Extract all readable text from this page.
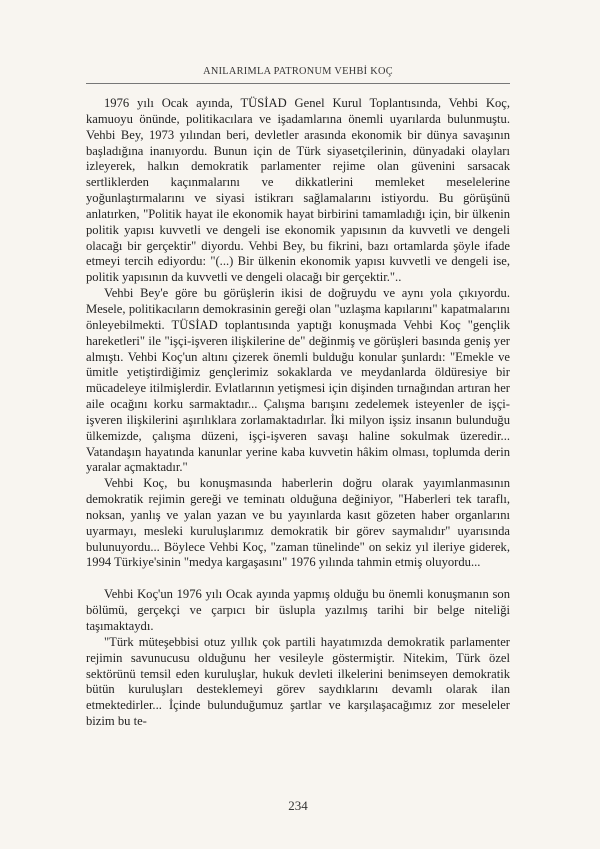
ANILARIMLA PATRONUM VEHBİ KOÇ

1976 yılı Ocak ayında, TÜSİAD Genel Kurul Toplantısında, Vehbi Koç, kamuoyu önünde, politikacılara ve işadamlarına önemli uyarılarda bulunmuştu. Vehbi Bey, 1973 yılından beri, devletler arasında ekonomik bir dünya savaşının başladığına inanıyordu. Bunun için de Türk siyasetçilerinin, dünyadaki olayları izleyerek, halkın demokratik parlamenter rejime olan güvenini sarsacak sertliklerden kaçınmalarını ve dikkatlerini memleket meselelerine yoğunlaştırmalarını ve siyasi istikrarı sağlamalarını istiyordu. Bu görüşünü anlatırken, "Politik hayat ile ekonomik hayat birbirini tamamladığı için, bir ülkenin politik yapısı kuvvetli ve dengeli ise ekonomik yapısının da kuvvetli ve dengeli olacağı bir gerçektir" diyordu. Vehbi Bey, bu fikrini, bazı ortamlarda şöyle ifade etmeyi tercih ediyordu: "(...) Bir ülkenin ekonomik yapısı kuvvetli ve dengeli ise, politik yapısının da kuvvetli ve dengeli olacağı bir gerçektir."..

Vehbi Bey'e göre bu görüşlerin ikisi de doğruydu ve aynı yola çıkıyordu. Mesele, politikacıların demokrasinin gereği olan "uzlaşma kapılarını" kapatmalarını önleyebilmekti. TÜSİAD toplantısında yaptığı konuşmada Vehbi Koç "gençlik hareketleri" ile "işçi-işveren ilişkilerine de" değinmiş ve görüşleri basında geniş yer almıştı. Vehbi Koç'un altını çizerek önemli bulduğu konular şunlardı: "Emekle ve ümitle yetiştirdiğimiz gençlerimiz sokaklarda ve meydanlarda öldüresiye bir mücadeleye itilmişlerdir. Evlatlarının yetişmesi için dişinden tırnağından artıran her aile ocağını korku sarmaktadır... Çalışma barışını zedelemek isteyenler de işçi-işveren ilişkilerini aşırılıklara zorlamaktadırlar. İki milyon işsiz insanın bulunduğu ülkemizde, çalışma düzeni, işçi-işveren savaşı haline sokulmak üzeredir... Vatandaşın hayatında kanunlar yerine kaba kuvvetin hâkim olması, toplumda derin yaralar açmaktadır."

Vehbi Koç, bu konuşmasında haberlerin doğru olarak yayımlanmasının demokratik rejimin gereği ve teminatı olduğuna değiniyor, "Haberleri tek taraflı, noksan, yanlış ve yalan yazan ve bu yayınlarda kasıt gözeten haber organlarını uyarmayı, mesleki kuruluşlarımız demokratik bir görev saymalıdır" uyarısında bulunuyordu... Böylece Vehbi Koç, "zaman tünelinde" on sekiz yıl ileriye giderek, 1994 Türkiye'sinin "medya kargaşasını" 1976 yılında tahmin etmiş oluyordu...

Vehbi Koç'un 1976 yılı Ocak ayında yapmış olduğu bu önemli konuşmanın son bölümü, gerçekçi ve çarpıcı bir üslupla yazılmış tarihi bir belge niteliği taşımaktaydı.

"Türk müteşebbisi otuz yıllık çok partili hayatımızda demokratik parlamenter rejimin savunucusu olduğunu her vesileyle göstermiştir. Nitekim, Türk özel sektörünü temsil eden kuruluşlar, hukuk devleti ilkelerini benimseyen demokratik bütün kuruluşları desteklemeyi görev saydıklarını devamlı olarak ilan etmektedirler... İçinde bulunduğumuz şartlar ve karşılaşacağımız zor meseleler bizim bu te-

234
